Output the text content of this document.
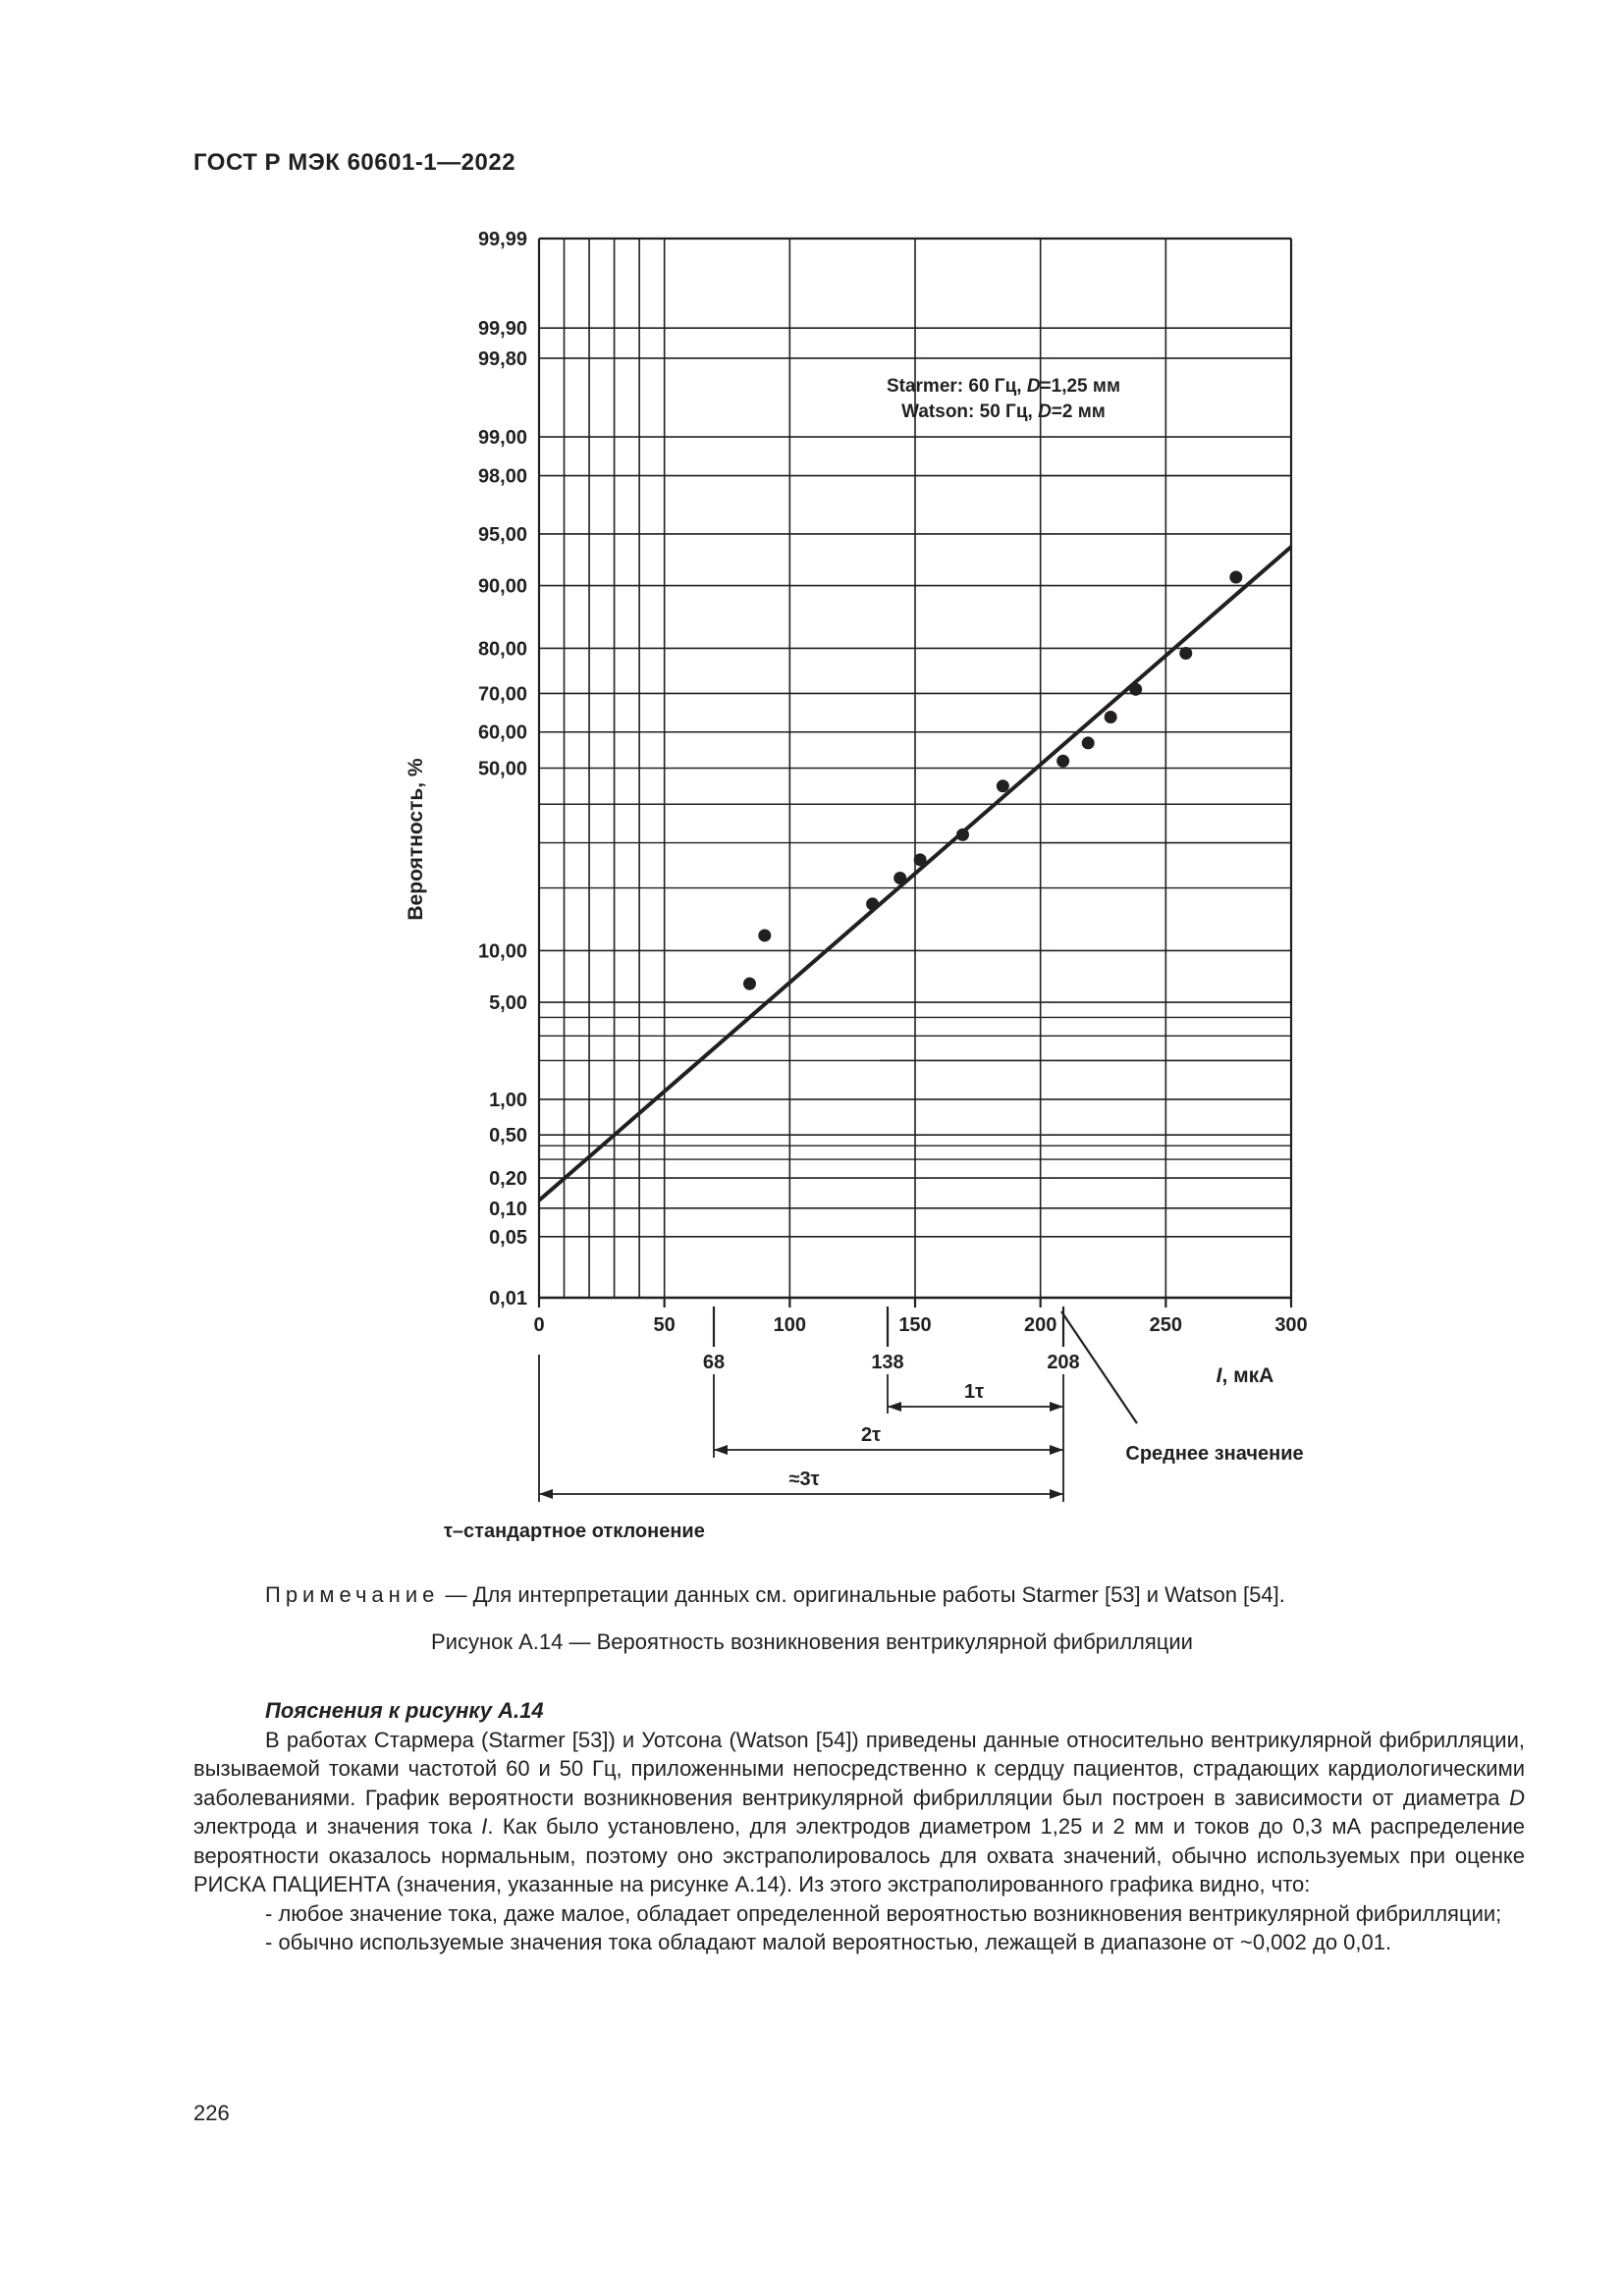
ГОСТ Р МЭК 60601-1—2022
0,01
0,05
0,10
0,20
0,50
1,00
5,00
10,00
50,00
60,00
70,00
80,00
90,00
95,00
98,00
99,00
99,80
99,90
99,99
0	50	100	150	200	250	300
Starmer: 60 Гц, D=1,25 мм
Watson: 50 Гц, D=2 мм
Вероятность, %
I, мкА
Среднее значение
68	138	208
1τ
2τ
≈3τ
τ–стандартное отклонение
Примечание — Для интерпретации данных см. оригинальные работы Starmer [53] и Watson [54].
Рисунок А.14 — Вероятность возникновения вентрикулярной фибрилляции
Пояснения к рисунку А.14

В работах Стармера (Starmer [53]) и Уотсона (Watson [54]) приведены данные относительно вентрикулярной фибрилляции, вызываемой токами частотой 60 и 50 Гц, приложенными непосредственно к сердцу пациентов, страдающих кардиологическими заболеваниями. График вероятности возникновения вентрикулярной фибрилляции был построен в зависимости от диаметра D электрода и значения тока I. Как было установлено, для электродов диаметром 1,25 и 2 мм и токов до 0,3 мА распределение вероятности оказалось нормальным, поэтому оно экстраполировалось для охвата значений, обычно используемых при оценке РИСКА ПАЦИЕНТА (значения, указанные на рисунке А.14). Из этого экстраполированного графика видно, что:

- любое значение тока, даже малое, обладает определенной вероятностью возникновения вентрикулярной фибрилляции;

- обычно используемые значения тока обладают малой вероятностью, лежащей в диапазоне от ~0,002 до 0,01.

226
